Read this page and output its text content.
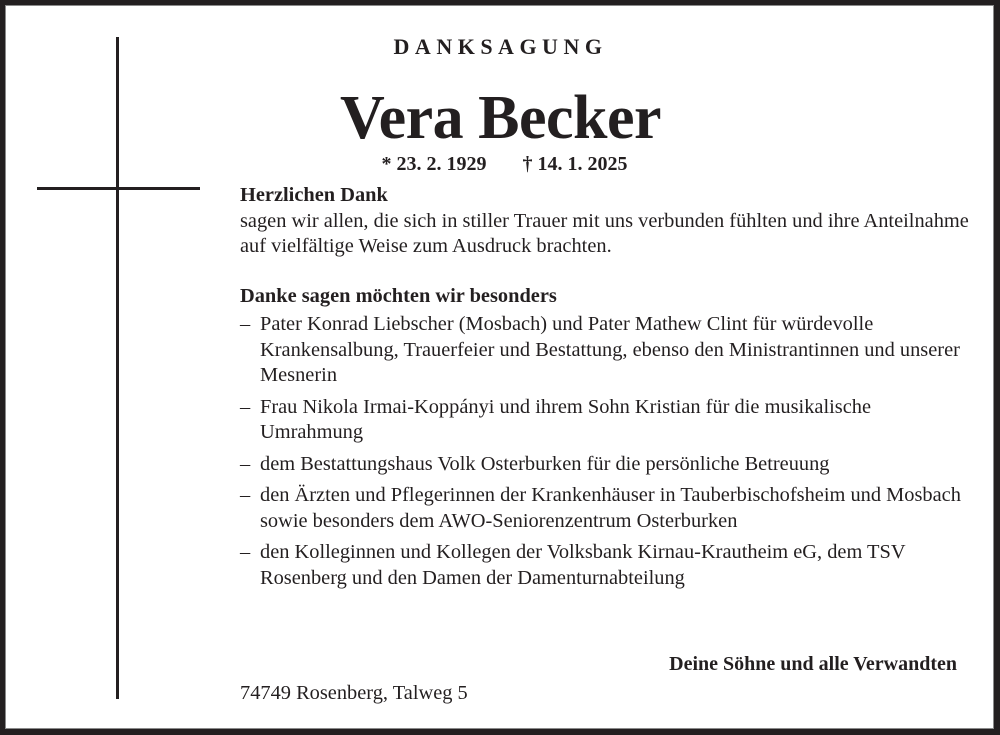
DANKSAGUNG
Vera Becker
* 23. 2. 1929 † 14. 1. 2025
Herzlichen Dank

sagen wir allen, die sich in stiller Trauer mit uns verbunden fühlten und ihre Anteilnahme auf vielfältige Weise zum Ausdruck brachten.

Danke sagen möchten wir besonders
– Pater Konrad Liebscher (Mosbach) und Pater Mathew Clint für würdevolle Krankensalbung, Trauerfeier und Bestattung, ebenso den Ministrantinnen und unserer Mesnerin
– Frau Nikola Irmai-Koppányi und ihrem Sohn Kristian für die musikalische Umrahmung
– dem Bestattungshaus Volk Osterburken für die persönliche Betreuung
– den Ärzten und Pflegerinnen der Krankenhäuser in Tauberbischofsheim und Mosbach sowie besonders dem AWO-Seniorenzentrum Osterburken
– den Kolleginnen und Kollegen der Volksbank Kirnau-Krautheim eG, dem TSV Rosenberg und den Damen der Damenturnabteilung
Deine Söhne und alle Verwandten
74749 Rosenberg, Talweg 5
